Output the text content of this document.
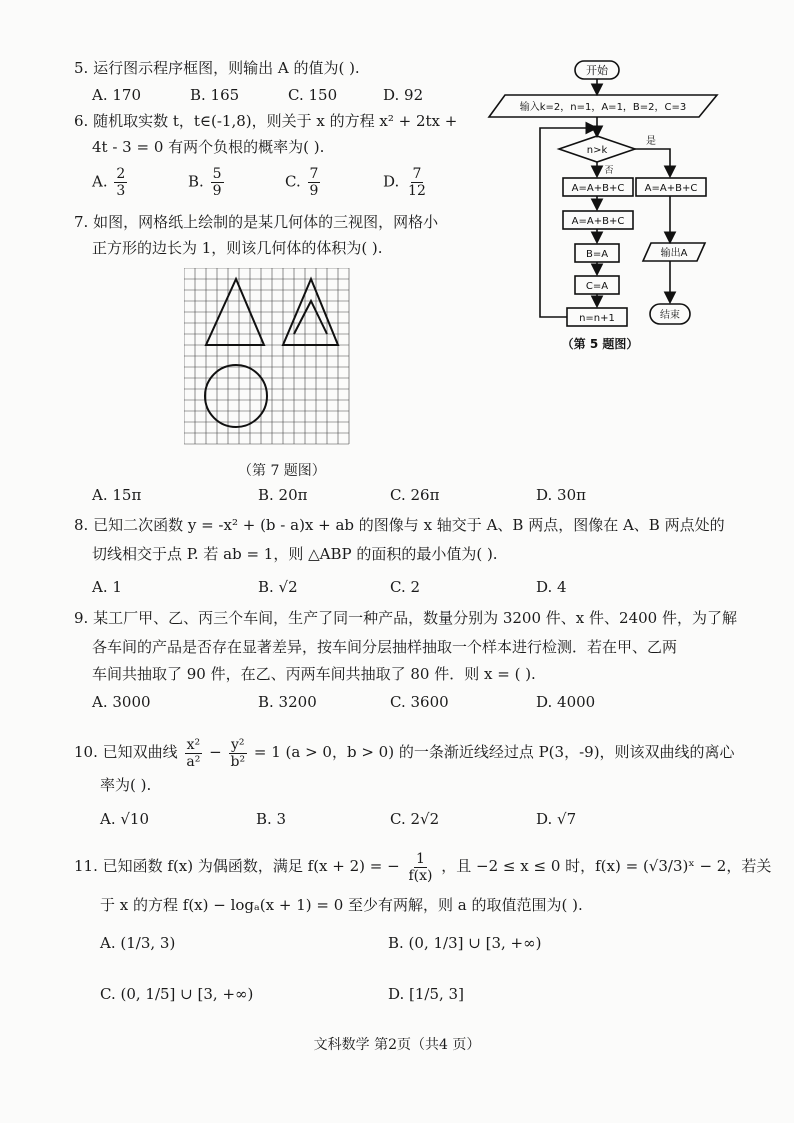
5. 运行图示程序框图，则输出 A 的值为( ).
A. 170	B. 165	C. 150	D. 92
6. 随机取实数 t，t∈(-1,8)，则关于 x 的方程 x² + 2tx +
4t - 3 = 0 有两个负根的概率为( ).
A. $\frac{2}{3}$	B. $\frac{5}{9}$	C. $\frac{7}{9}$	D. $\frac{7}{12}$
7. 如图，网格纸上绘制的是某几何体的三视图，网格小
正方形的边长为 1，则该几何体的体积为( ).
（第 7 题图）
A. 15π	B. 20π	C. 26π	D. 30π
开始
输入k=2，n=1，A=1，B=2，C=3
n>k
是
否
A=A+B+C
A=A+B+C
B=A
C=A
n=n+1
A=A+B+C
输出A
结束
（第 5 题图）
8. 已知二次函数 y = -x² + (b - a)x + ab 的图像与 x 轴交于 A、B 两点，图像在 A、B 两点处的
切线相交于点 P. 若 ab = 1，则 △ABP 的面积的最小值为( ).
A. 1	B. √2	C. 2	D. 4
9. 某工厂甲、乙、丙三个车间，生产了同一种产品，数量分别为 3200 件、x 件、2400 件，为了解
各车间的产品是否存在显著差异，按车间分层抽样抽取一个样本进行检测．若在甲、乙两
车间共抽取了 90 件，在乙、丙两车间共抽取了 80 件．则 x = ( ).
A. 3000	B. 3200	C. 3600	D. 4000
10. 已知双曲线 $\frac{\text{x²}}{\text{a²}} - \frac{\text{y²}}{\text{b²}} = 1$ (a > 0，b > 0) 的一条渐近线经过点 P(3，-9)，则该双曲线的离心
率为( ).
A. √10	B. 3	C. 2√2	D. √7
11. 已知函数 f(x) 为偶函数，满足 f(x + 2) = − $\frac{1}{f(x)}$ ，且 −2 ≤ x ≤ 0 时，f(x) = (√3/3)ˣ − 2，若关
于 x 的方程 f(x) − logₐ(x + 1) = 0 至少有两解，则 a 的取值范围为( ).
A. (1/3, 3)	B. (0, 1/3] ∪ [3, +∞)
C. (0, 1/5] ∪ [3, +∞)	D. [1/5, 3]
文科数学 第2页（共4 页）
